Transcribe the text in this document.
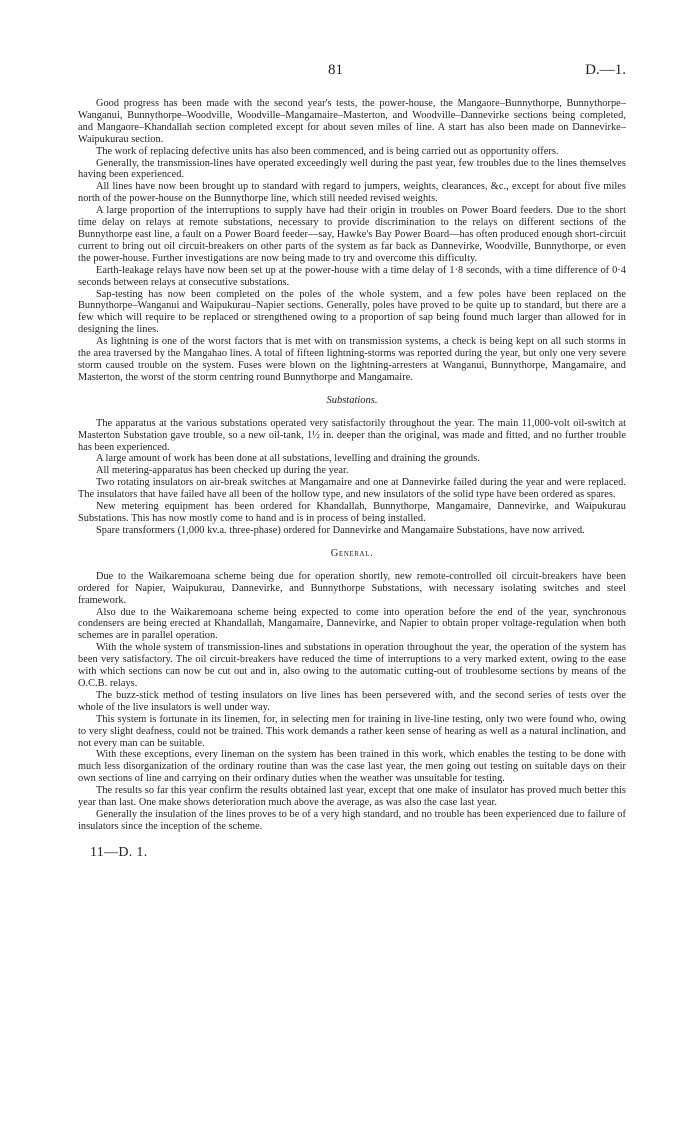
81	D.—1.

Good progress has been made with the second year's tests, the power-house, the Mangaore–Bunnythorpe, Bunnythorpe–Wanganui, Bunnythorpe–Woodville, Woodville–Mangamaire–Masterton, and Woodville–Dannevirke sections being completed, and Mangaore–Khandallah section completed except for about seven miles of line. A start has also been made on Dannevirke–Waipukurau section.

The work of replacing defective units has also been commenced, and is being carried out as opportunity offers.

Generally, the transmission-lines have operated exceedingly well during the past year, few troubles due to the lines themselves having been experienced.

All lines have now been brought up to standard with regard to jumpers, weights, clearances, &c., except for about five miles north of the power-house on the Bunnythorpe line, which still needed revised weights.

A large proportion of the interruptions to supply have had their origin in troubles on Power Board feeders. Due to the short time delay on relays at remote substations, necessary to provide discrimination to the relays on different sections of the Bunnythorpe east line, a fault on a Power Board feeder—say, Hawke's Bay Power Board—has often produced enough short-circuit current to bring out oil circuit-breakers on other parts of the system as far back as Dannevirke, Woodville, Bunnythorpe, or even the power-house. Further investigations are now being made to try and overcome this difficulty.

Earth-leakage relays have now been set up at the power-house with a time delay of 1·8 seconds, with a time difference of 0·4 seconds between relays at consecutive substations.

Sap-testing has now been completed on the poles of the whole system, and a few poles have been replaced on the Bunnythorpe–Wanganui and Waipukurau–Napier sections. Generally, poles have proved to be quite up to standard, but there are a few which will require to be replaced or strengthened owing to a proportion of sap being found much larger than allowed for in designing the lines.

As lightning is one of the worst factors that is met with on transmission systems, a check is being kept on all such storms in the area traversed by the Mangahao lines. A total of fifteen lightning-storms was reported during the year, but only one very severe storm caused trouble on the system. Fuses were blown on the lightning-arresters at Wanganui, Bunnythorpe, Mangamaire, and Masterton, the worst of the storm centring round Bunnythorpe and Mangamaire.

Substations.

The apparatus at the various substations operated very satisfactorily throughout the year. The main 11,000-volt oil-switch at Masterton Substation gave trouble, so a new oil-tank, 1½ in. deeper than the original, was made and fitted, and no further trouble has been experienced.

A large amount of work has been done at all substations, levelling and draining the grounds.

All metering-apparatus has been checked up during the year.

Two rotating insulators on air-break switches at Mangamaire and one at Dannevirke failed during the year and were replaced. The insulators that have failed have all been of the hollow type, and new insulators of the solid type have been ordered as spares.

New metering equipment has been ordered for Khandallah, Bunnythorpe, Mangamaire, Dannevirke, and Waipukurau Substations. This has now mostly come to hand and is in process of being installed.

Spare transformers (1,000 kv.a. three-phase) ordered for Dannevirke and Mangamaire Substations, have now arrived.

General.

Due to the Waikaremoana scheme being due for operation shortly, new remote-controlled oil circuit-breakers have been ordered for Napier, Waipukurau, Dannevirke, and Bunnythorpe Substations, with necessary isolating switches and steel framework.

Also due to the Waikaremoana scheme being expected to come into operation before the end of the year, synchronous condensers are being erected at Khandallah, Mangamaire, Dannevirke, and Napier to obtain proper voltage-regulation when both schemes are in parallel operation.

With the whole system of transmission-lines and substations in operation throughout the year, the operation of the system has been very satisfactory. The oil circuit-breakers have reduced the time of interruptions to a very marked extent, owing to the ease with which sections can now be cut out and in, also owing to the automatic cutting-out of troublesome sections by means of the O.C.B. relays.

The buzz-stick method of testing insulators on live lines has been persevered with, and the second series of tests over the whole of the live insulators is well under way.

This system is fortunate in its linemen, for, in selecting men for training in live-line testing, only two were found who, owing to very slight deafness, could not be trained. This work demands a rather keen sense of hearing as well as a natural inclination, and not every man can be suitable.

With these exceptions, every lineman on the system has been trained in this work, which enables the testing to be done with much less disorganization of the ordinary routine than was the case last year, the men going out testing on suitable days on their own sections of line and carrying on their ordinary duties when the weather was unsuitable for testing.

The results so far this year confirm the results obtained last year, except that one make of insulator has proved much better this year than last. One make shows deterioration much above the average, as was also the case last year.

Generally the insulation of the lines proves to be of a very high standard, and no trouble has been experienced due to failure of insulators since the inception of the scheme.

11—D. 1.
